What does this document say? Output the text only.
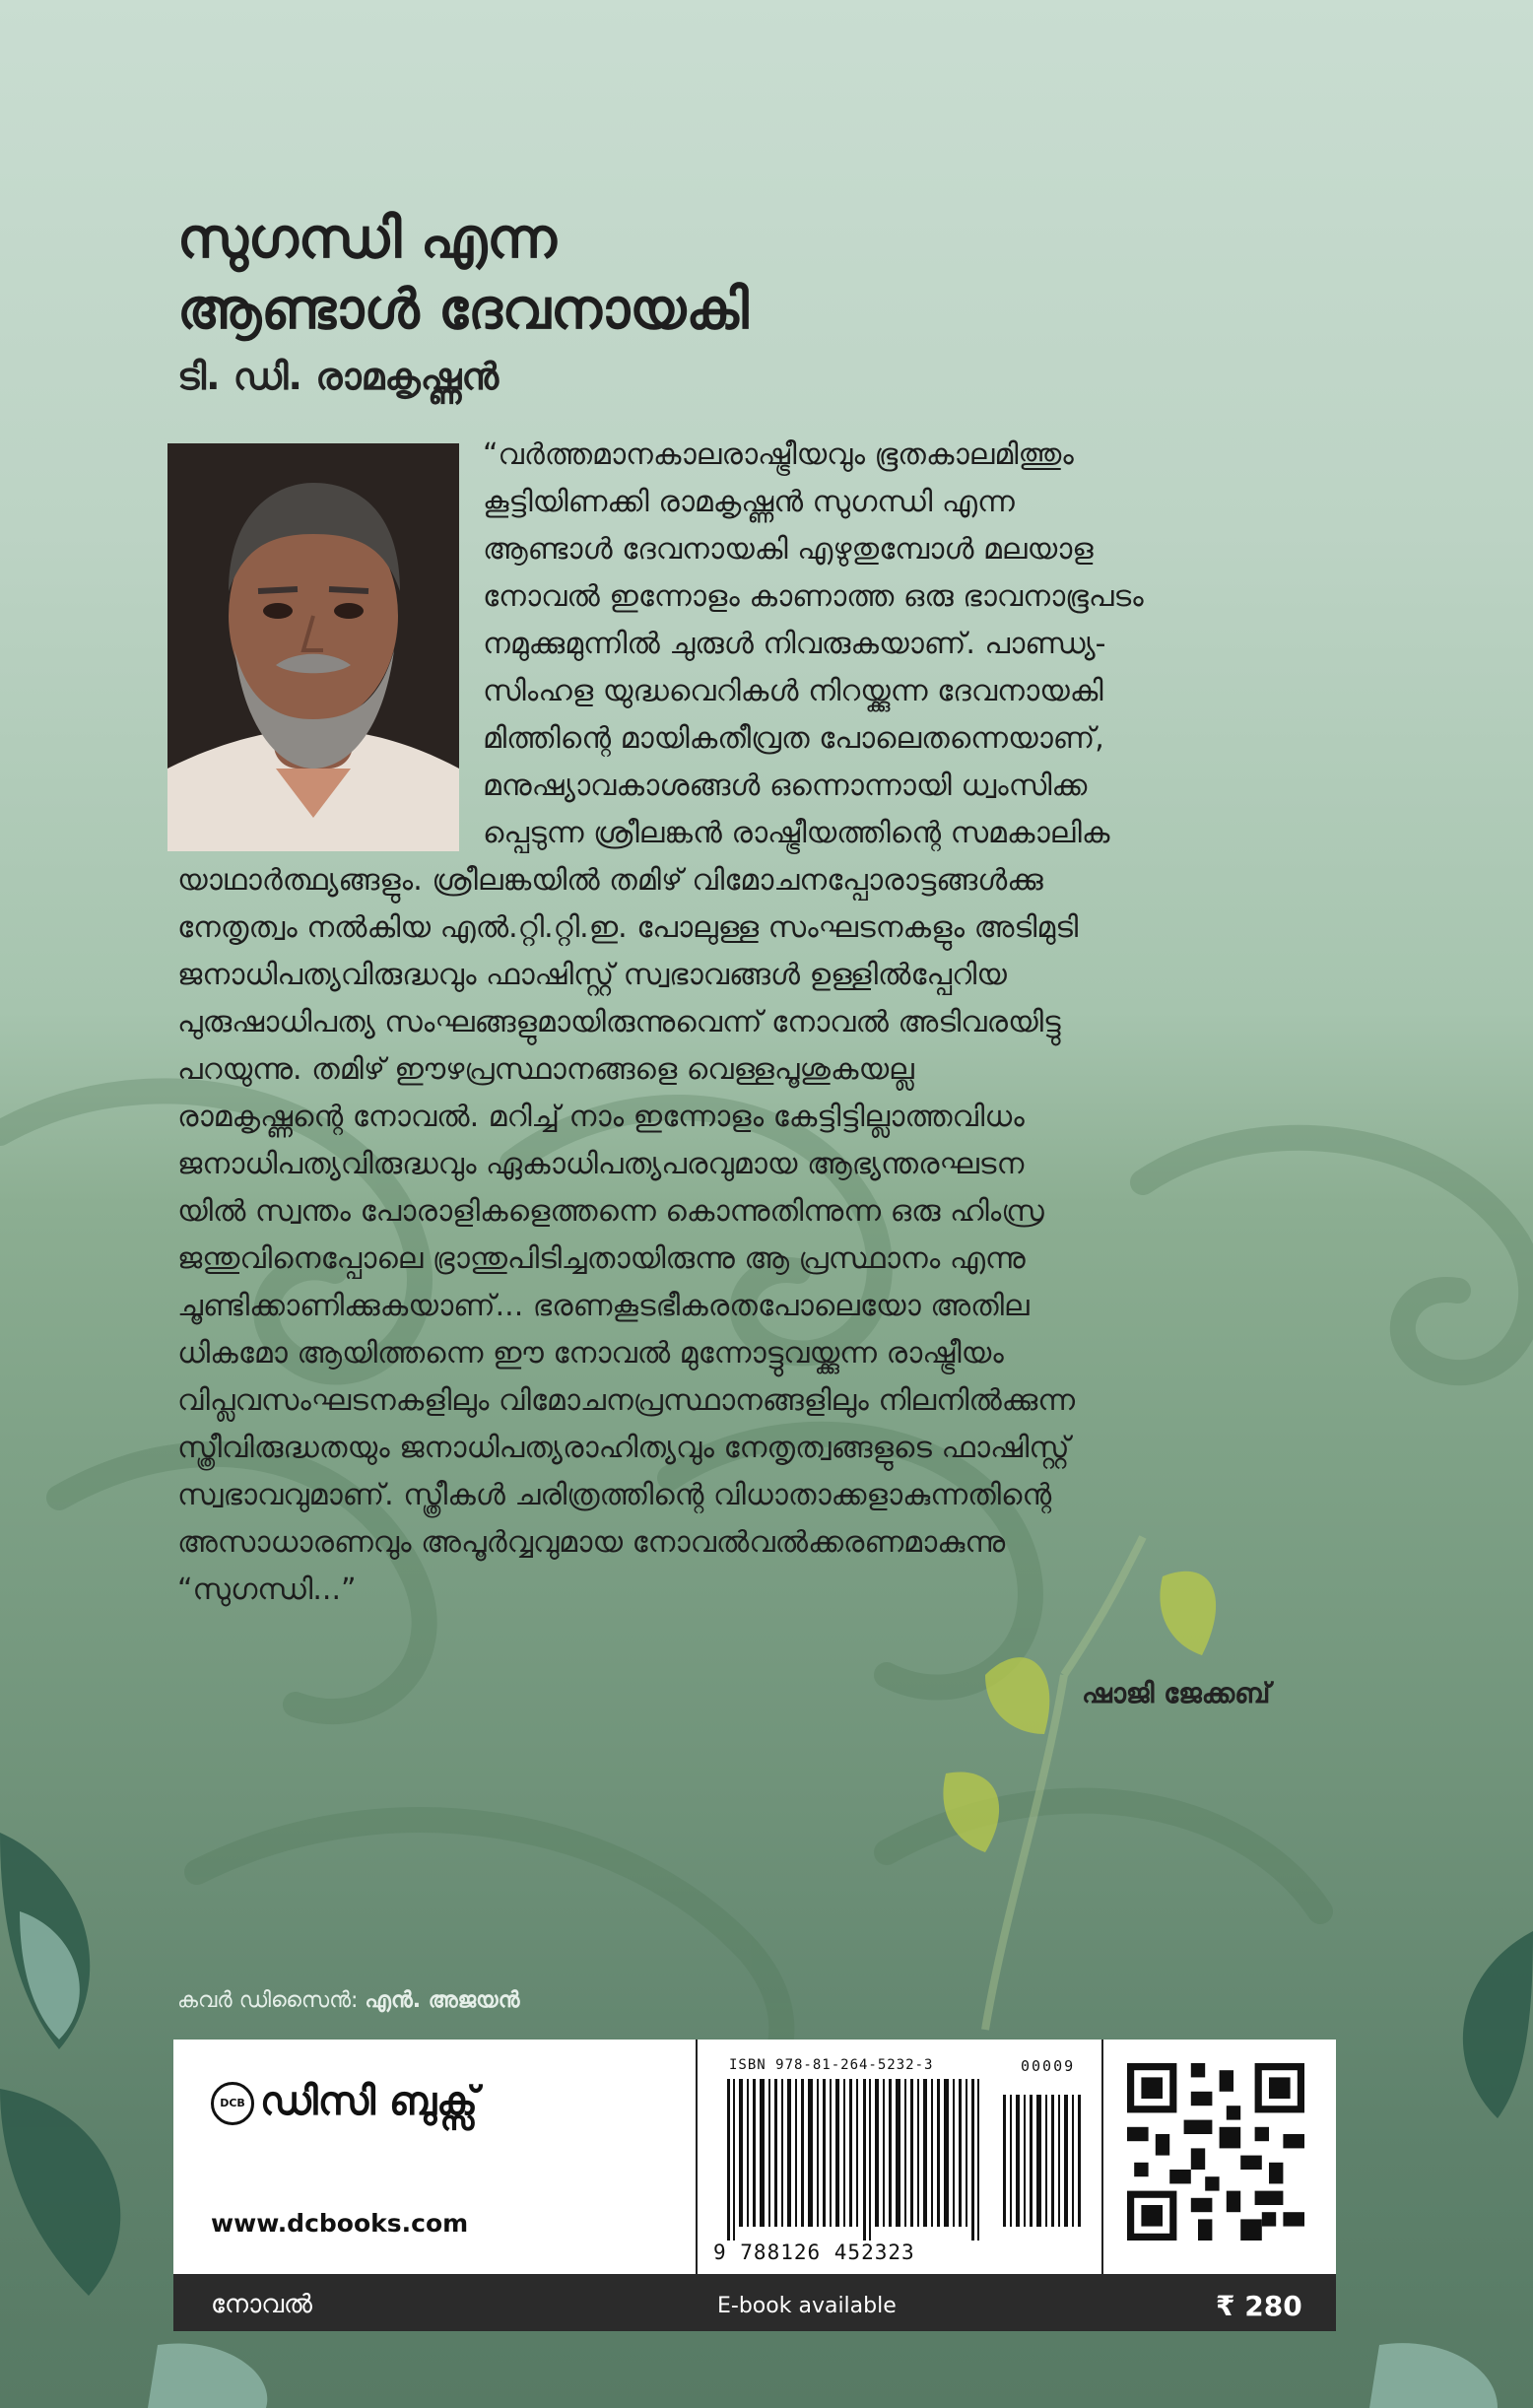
സുഗന്ധി എന്ന
ആണ്ടാൾ ദേവനായകി
ടി. ഡി. രാമകൃഷ്ണൻ
“വർത്തമാനകാലരാഷ്ട്രീയവും ഭൂതകാലമിത്തും
കൂട്ടിയിണക്കി രാമകൃഷ്ണൻ സുഗന്ധി എന്ന
ആണ്ടാൾ ദേവനായകി എഴുതുമ്പോൾ മലയാള
നോവൽ ഇന്നോളം കാണാത്ത ഒരു ഭാവനാഭൂപടം
നമുക്കുമുന്നിൽ ചുരുൾ നിവരുകയാണ്. പാണ്ഡ്യ-
സിംഹള യുദ്ധവെറികൾ നിറയ്ക്കുന്ന ദേവനായകി
മിത്തിന്റെ മായികതീവ്രത പോലെതന്നെയാണ്,
മനുഷ്യാവകാശങ്ങൾ ഒന്നൊന്നായി ധ്വംസിക്ക
പ്പെടുന്ന ശ്രീലങ്കൻ രാഷ്ട്രീയത്തിന്റെ സമകാലിക
യാഥാർത്ഥ്യങ്ങളും. ശ്രീലങ്കയിൽ തമിഴ് വിമോചനപ്പോരാട്ടങ്ങൾക്കു
നേതൃത്വം നൽകിയ എൽ.റ്റി.റ്റി.ഇ. പോലുള്ള സംഘടനകളും അടിമുടി
ജനാധിപത്യവിരുദ്ധവും ഫാഷിസ്റ്റ് സ്വഭാവങ്ങൾ ഉള്ളിൽപ്പേറിയ
പുരുഷാധിപത്യ സംഘങ്ങളുമായിരുന്നുവെന്ന് നോവൽ അടിവരയിട്ടു
പറയുന്നു. തമിഴ് ഈഴപ്രസ്ഥാനങ്ങളെ വെള്ളപൂശുകയല്ല
രാമകൃഷ്ണന്റെ നോവൽ. മറിച്ച് നാം ഇന്നോളം കേട്ടിട്ടില്ലാത്തവിധം
ജനാധിപത്യവിരുദ്ധവും ഏകാധിപത്യപരവുമായ ആഭ്യന്തരഘടന
യിൽ സ്വന്തം പോരാളികളെത്തന്നെ കൊന്നുതിന്നുന്ന ഒരു ഹിംസ്ര
ജന്തുവിനെപ്പോലെ ഭ്രാന്തുപിടിച്ചതായിരുന്നു ആ പ്രസ്ഥാനം എന്നു
ചൂണ്ടിക്കാണിക്കുകയാണ്... ഭരണകൂടഭീകരതപോലെയോ അതില
ധികമോ ആയിത്തന്നെ ഈ നോവൽ മുന്നോട്ടുവയ്ക്കുന്ന രാഷ്ട്രീയം
വിപ്ലവസംഘടനകളിലും വിമോചനപ്രസ്ഥാനങ്ങളിലും നിലനിൽക്കുന്ന
സ്ത്രീവിരുദ്ധതയും ജനാധിപത്യരാഹിത്യവും നേതൃത്വങ്ങളുടെ ഫാഷിസ്റ്റ്
സ്വഭാവവുമാണ്. സ്ത്രീകൾ ചരിത്രത്തിന്റെ വിധാതാക്കളാകുന്നതിന്റെ
അസാധാരണവും അപൂർവ്വവുമായ നോവൽവൽക്കരണമാകുന്നു
“സുഗന്ധി...”
ഷാജി ജേക്കബ്
കവർ ഡിസൈൻ: എൻ. അജയൻ
DCB ഡിസി ബുക്സ്
www.dcbooks.com
ISBN 978-81-264-5232-3	00009
9 788126 452323
നോവൽ	E-book available	₹ 280
